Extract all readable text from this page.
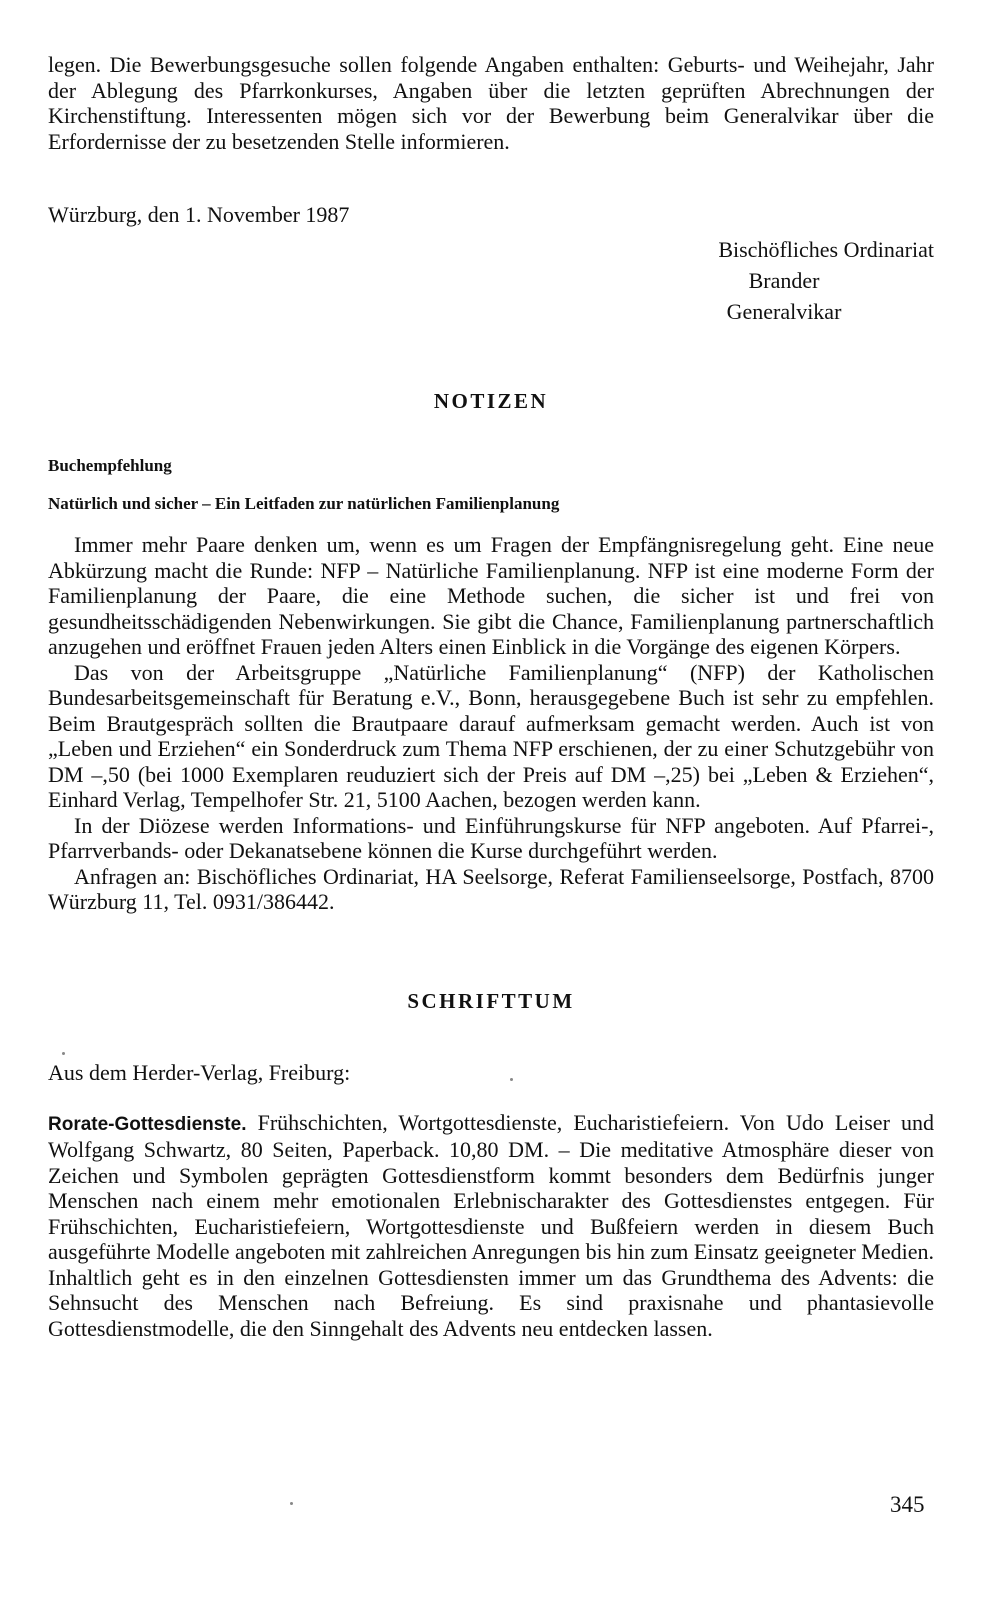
legen. Die Bewerbungsgesuche sollen folgende Angaben enthalten: Geburts- und Weihejahr, Jahr der Ablegung des Pfarrkonkurses, Angaben über die letzten geprüften Abrechnungen der Kirchenstiftung. Interessenten mögen sich vor der Bewerbung beim Generalvikar über die Erfordernisse der zu besetzenden Stelle informieren.

Würzburg, den 1. November 1987
Bischöfliches Ordinariat
Brander
Generalvikar
NOTIZEN

Buchempfehlung

Natürlich und sicher – Ein Leitfaden zur natürlichen Familienplanung

Immer mehr Paare denken um, wenn es um Fragen der Empfängnisregelung geht. Eine neue Abkürzung macht die Runde: NFP – Natürliche Familienplanung. NFP ist eine moderne Form der Familienplanung der Paare, die eine Methode suchen, die sicher ist und frei von gesundheitsschädigenden Nebenwirkungen. Sie gibt die Chance, Familienplanung partnerschaftlich anzugehen und eröffnet Frauen jeden Alters einen Einblick in die Vorgänge des eigenen Körpers.

Das von der Arbeitsgruppe „Natürliche Familienplanung“ (NFP) der Katholischen Bundesarbeitsgemeinschaft für Beratung e.V., Bonn, herausgegebene Buch ist sehr zu empfehlen. Beim Brautgespräch sollten die Brautpaare darauf aufmerksam gemacht werden. Auch ist von „Leben und Erziehen“ ein Sonderdruck zum Thema NFP erschienen, der zu einer Schutzgebühr von DM –,50 (bei 1000 Exemplaren reuduziert sich der Preis auf DM –,25) bei „Leben & Erziehen“, Einhard Verlag, Tempelhofer Str. 21, 5100 Aachen, bezogen werden kann.

In der Diözese werden Informations- und Einführungskurse für NFP angeboten. Auf Pfarrei-, Pfarrverbands- oder Dekanatsebene können die Kurse durchgeführt werden.

Anfragen an: Bischöfliches Ordinariat, HA Seelsorge, Referat Familienseelsorge, Postfach, 8700 Würzburg 11, Tel. 0931/386442.

SCHRIFTTUM
Aus dem Herder-Verlag, Freiburg:

Rorate-Gottesdienste. Frühschichten, Wortgottesdienste, Eucharistiefeiern. Von Udo Leiser und Wolfgang Schwartz, 80 Seiten, Paperback. 10,80 DM. – Die meditative Atmosphäre dieser von Zeichen und Symbolen geprägten Gottesdienstform kommt besonders dem Bedürfnis junger Menschen nach einem mehr emotionalen Erlebnischarakter des Gottesdienstes entgegen. Für Frühschichten, Eucharistiefeiern, Wortgottesdienste und Bußfeiern werden in diesem Buch ausgeführte Modelle angeboten mit zahlreichen Anregungen bis hin zum Einsatz geeigneter Medien. Inhaltlich geht es in den einzelnen Gottesdiensten immer um das Grundthema des Advents: die Sehnsucht des Menschen nach Befreiung. Es sind praxisnahe und phantasievolle Gottesdienstmodelle, die den Sinngehalt des Advents neu entdecken lassen.

345
